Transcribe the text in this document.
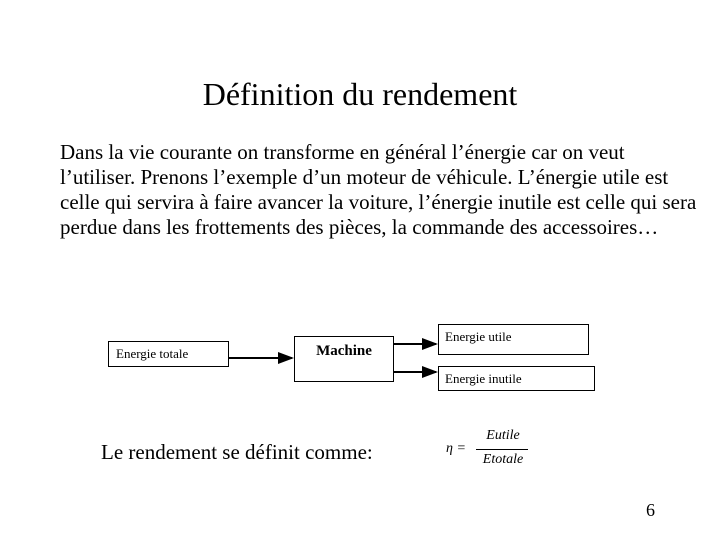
Définition du rendement
Dans la vie courante on transforme en général l’énergie car on veut l’utiliser. Prenons l’exemple d’un moteur de véhicule. L’énergie utile est celle qui servira à faire avancer la voiture, l’énergie inutile est celle qui sera perdue dans les frottements des pièces, la commande des accessoires…
Energie totale	Machine
Energie utile
Energie inutile
Le rendement se définit comme:	η =
Eutile
Etotale
6
